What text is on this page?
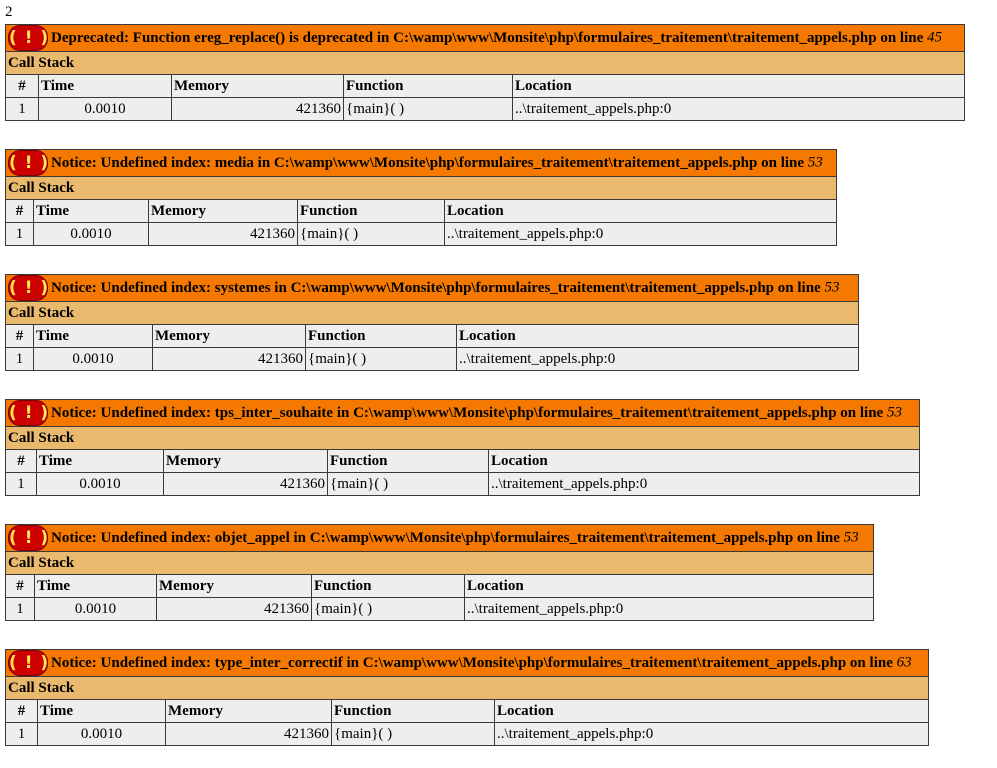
2
( ! ) Deprecated: Function ereg_replace() is deprecated in C:\wamp\www\Monsite\php\formulaires_traitement\traitement_appels.php on line 45				
Call Stack				
#	Time	Memory	Function	Location
1	0.0010	421360	{main}( )	..\traitement_appels.php:0
( ! ) Notice: Undefined index: media in C:\wamp\www\Monsite\php\formulaires_traitement\traitement_appels.php on line 53				
Call Stack				
#	Time	Memory	Function	Location
1	0.0010	421360	{main}( )	..\traitement_appels.php:0
( ! ) Notice: Undefined index: systemes in C:\wamp\www\Monsite\php\formulaires_traitement\traitement_appels.php on line 53				
Call Stack				
#	Time	Memory	Function	Location
1	0.0010	421360	{main}( )	..\traitement_appels.php:0
( ! ) Notice: Undefined index: tps_inter_souhaite in C:\wamp\www\Monsite\php\formulaires_traitement\traitement_appels.php on line 53				
Call Stack				
#	Time	Memory	Function	Location
1	0.0010	421360	{main}( )	..\traitement_appels.php:0
( ! ) Notice: Undefined index: objet_appel in C:\wamp\www\Monsite\php\formulaires_traitement\traitement_appels.php on line 53				
Call Stack				
#	Time	Memory	Function	Location
1	0.0010	421360	{main}( )	..\traitement_appels.php:0
( ! ) Notice: Undefined index: type_inter_correctif in C:\wamp\www\Monsite\php\formulaires_traitement\traitement_appels.php on line 63				
Call Stack				
#	Time	Memory	Function	Location
1	0.0010	421360	{main}( )	..\traitement_appels.php:0
